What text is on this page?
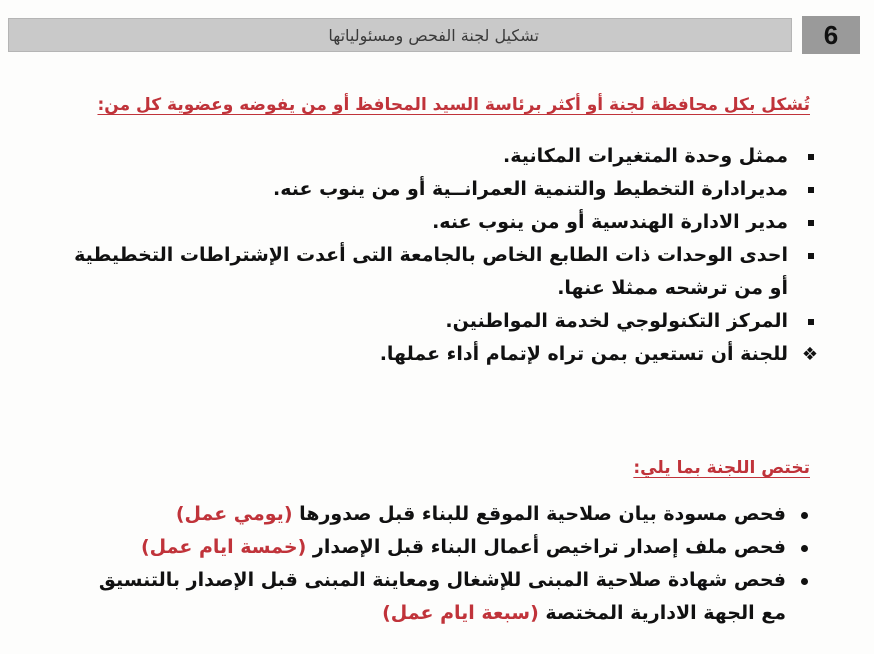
تشكيل لجنة الفحص ومسئولياتها	6
تُشكل بكل محافظة لجنة أو أكثر برئاسة السيد المحافظ أو من يفوضه وعضوية كل من:
ممثل وحدة المتغيرات المكانية.
مديرادارة التخطيط والتنمية العمرانــية أو من ينوب عنه.
مدير الادارة الهندسية أو من ينوب عنه.
احدى الوحدات ذات الطابع الخاص بالجامعة التى أعدت الإشتراطات التخطيطية أو من ترشحه ممثلا عنها.
المركز التكنولوجي لخدمة المواطنين.
❖
للجنة أن تستعين بمن تراه لإتمام أداء عملها.
تختص اللجنة بما يلي:
فحص مسودة بيان صلاحية الموقع للبناء قبل صدورها (يومي عمل)
فحص ملف إصدار تراخيص أعمال البناء قبل الإصدار (خمسة ايام عمل)
فحص شهادة صلاحية المبنى للإشغال ومعاينة المبنى قبل الإصدار بالتنسيق مع الجهة الادارية المختصة (سبعة ايام عمل)
